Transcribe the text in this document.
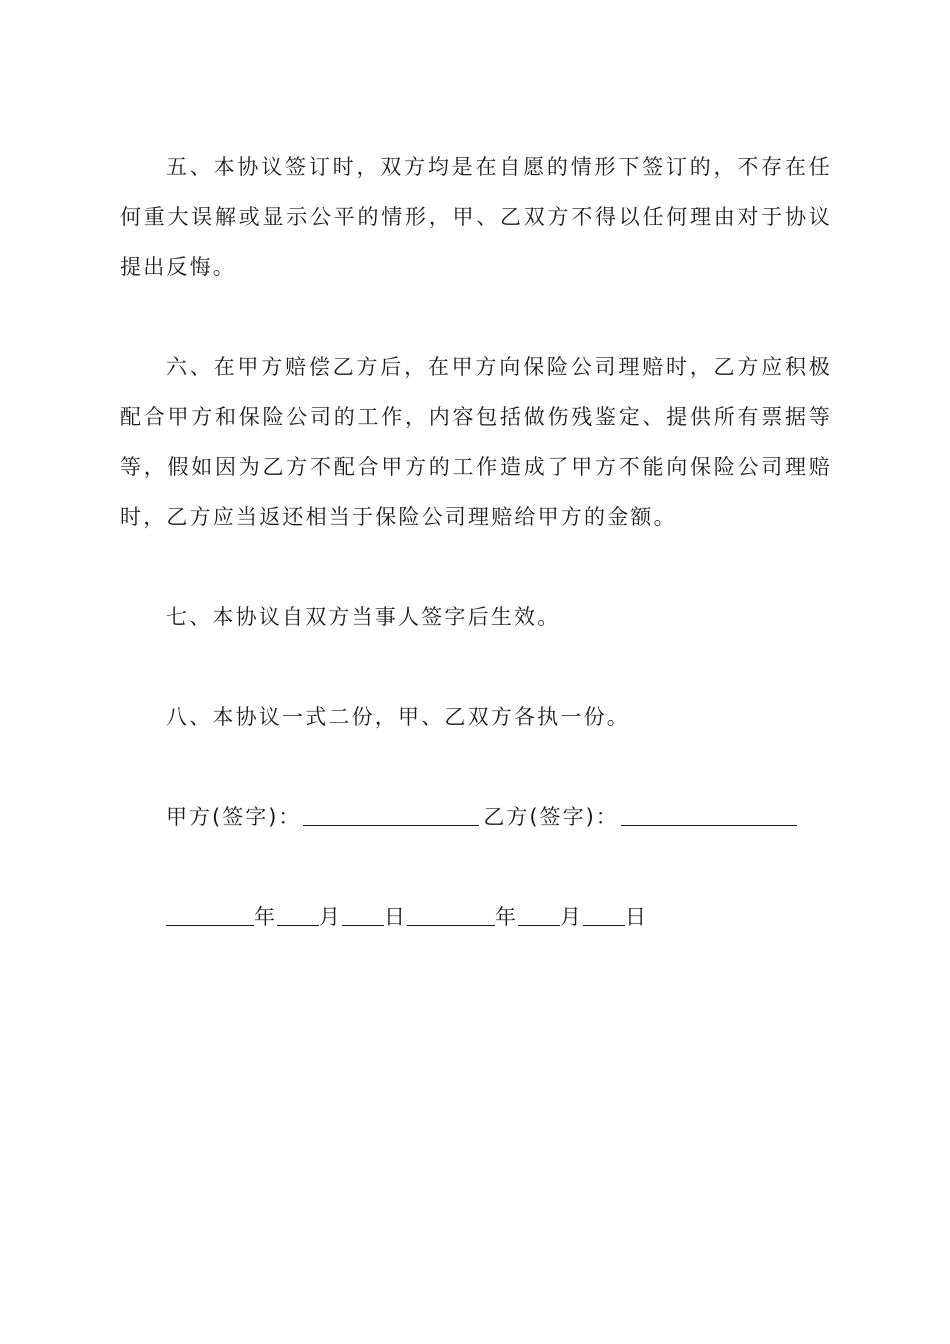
五、本协议签订时，双方均是在自愿的情形下签订的，不存在任何重大误解或显示公平的情形，甲、乙双方不得以任何理由对于协议提出反悔。

六、在甲方赔偿乙方后，在甲方向保险公司理赔时，乙方应积极配合甲方和保险公司的工作，内容包括做伤残鉴定、提供所有票据等等，假如因为乙方不配合甲方的工作造成了甲方不能向保险公司理赔时，乙方应当返还相当于保险公司理赔给甲方的金额。

七、本协议自双方当事人签字后生效。

八、本协议一式二份，甲、乙双方各执一份。

甲方(签字)：	乙方(签字)：
年 月 日	年 月 日
